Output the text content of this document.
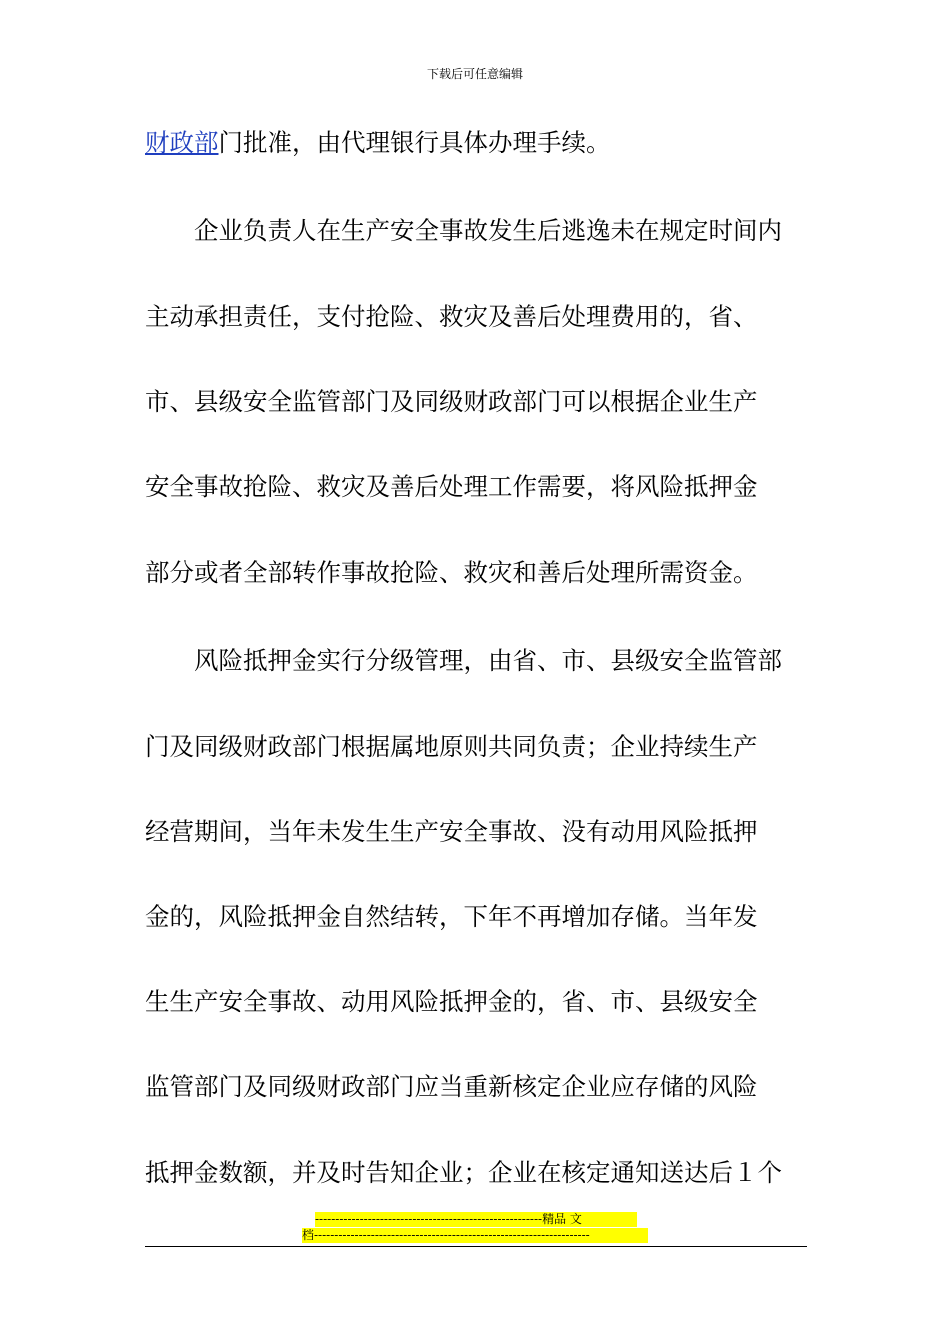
下载后可任意编辑
财政部门批准，由代理银行具体办理手续。
企业负责人在生产安全事故发生后逃逸未在规定时间内
主动承担责任，支付抢险、救灾及善后处理费用的，省、
市、县级安全监管部门及同级财政部门可以根据企业生产
安全事故抢险、救灾及善后处理工作需要，将风险抵押金
部分或者全部转作事故抢险、救灾和善后处理所需资金。
风险抵押金实行分级管理，由省、市、县级安全监管部
门及同级财政部门根据属地原则共同负责；企业持续生产
经营期间，当年未发生生产安全事故、没有动用风险抵押
金的，风险抵押金自然结转，下年不再增加存储。当年发
生生产安全事故、动用风险抵押金的，省、市、县级安全
监管部门及同级财政部门应当重新核定企业应存储的风险
抵押金数额，并及时告知企业；企业在核定通知送达后１个
--------------------------------------------------------精品 文
档--------------------------------------------------------------------
